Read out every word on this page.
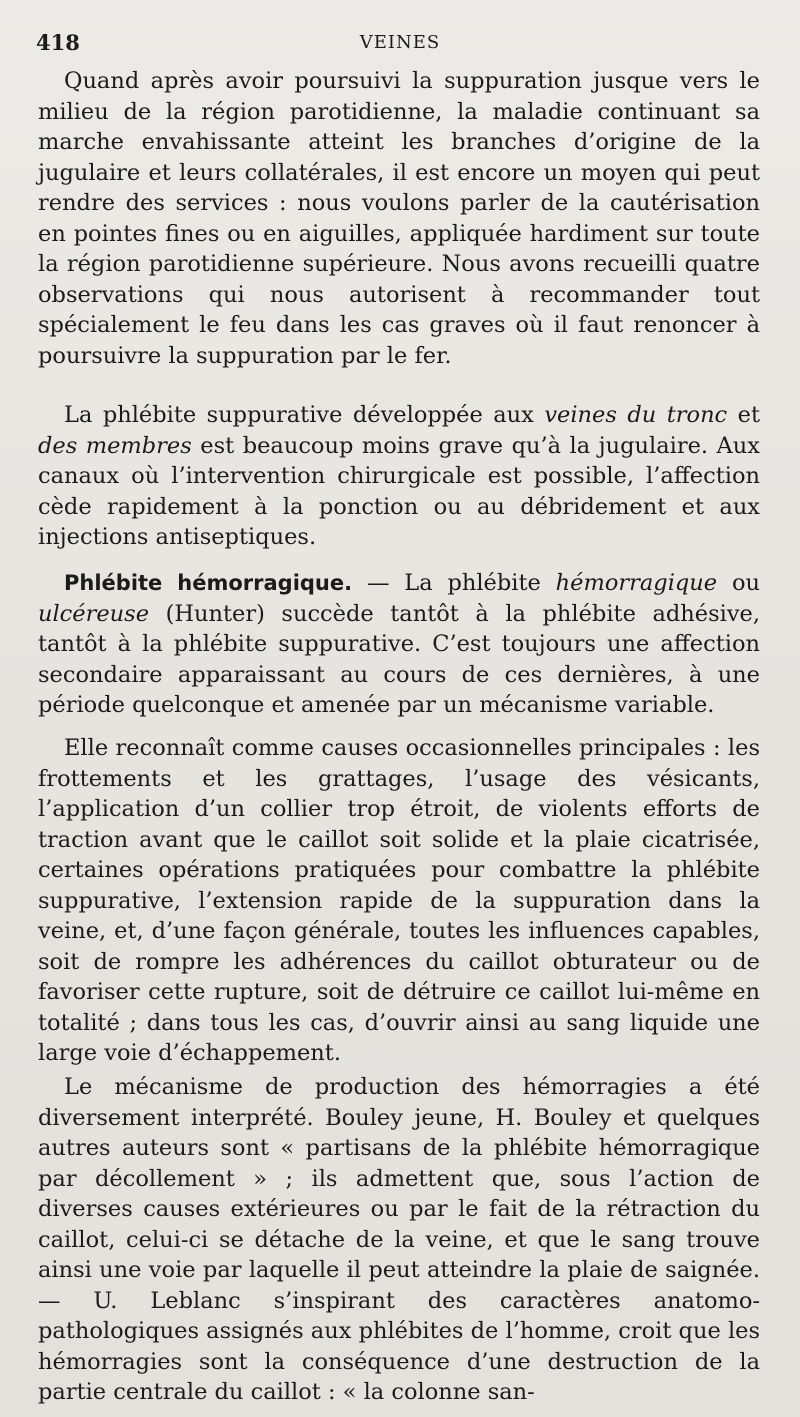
418	VEINES

Quand après avoir poursuivi la suppuration jusque vers le milieu de la région parotidienne, la maladie continuant sa marche envahissante atteint les branches d’origine de la jugulaire et leurs collatérales, il est encore un moyen qui peut rendre des services : nous voulons parler de la cautérisation en pointes fines ou en aiguilles, appliquée hardiment sur toute la région parotidienne supérieure. Nous avons recueilli quatre observations qui nous autorisent à recommander tout spécialement le feu dans les cas graves où il faut renoncer à poursuivre la suppuration par le fer.

La phlébite suppurative développée aux veines du tronc et des membres est beaucoup moins grave qu’à la jugulaire. Aux canaux où l’intervention chirurgicale est possible, l’affection cède rapidement à la ponction ou au débridement et aux injections antiseptiques.

Phlébite hémorragique. — La phlébite hémorragique ou ulcéreuse (Hunter) succède tantôt à la phlébite adhésive, tantôt à la phlébite suppurative. C’est toujours une affection secondaire apparaissant au cours de ces dernières, à une période quelconque et amenée par un mécanisme variable.

Elle reconnaît comme causes occasionnelles principales : les frottements et les grattages, l’usage des vésicants, l’application d’un collier trop étroit, de violents efforts de traction avant que le caillot soit solide et la plaie cicatrisée, certaines opérations pratiquées pour combattre la phlébite suppurative, l’extension rapide de la suppuration dans la veine, et, d’une façon générale, toutes les influences capables, soit de rompre les adhérences du caillot obturateur ou de favoriser cette rupture, soit de détruire ce caillot lui-même en totalité ; dans tous les cas, d’ouvrir ainsi au sang liquide une large voie d’échappement.

Le mécanisme de production des hémorragies a été diversement interprété. Bouley jeune, H. Bouley et quelques autres auteurs sont « partisans de la phlébite hémorragique par décollement » ; ils admettent que, sous l’action de diverses causes extérieures ou par le fait de la rétraction du caillot, celui-ci se détache de la veine, et que le sang trouve ainsi une voie par laquelle il peut atteindre la plaie de saignée. — U. Leblanc s’inspirant des caractères anatomo-pathologiques assignés aux phlébites de l’homme, croit que les hémorragies sont la conséquence d’une destruction de la partie centrale du caillot : « la colonne san-
